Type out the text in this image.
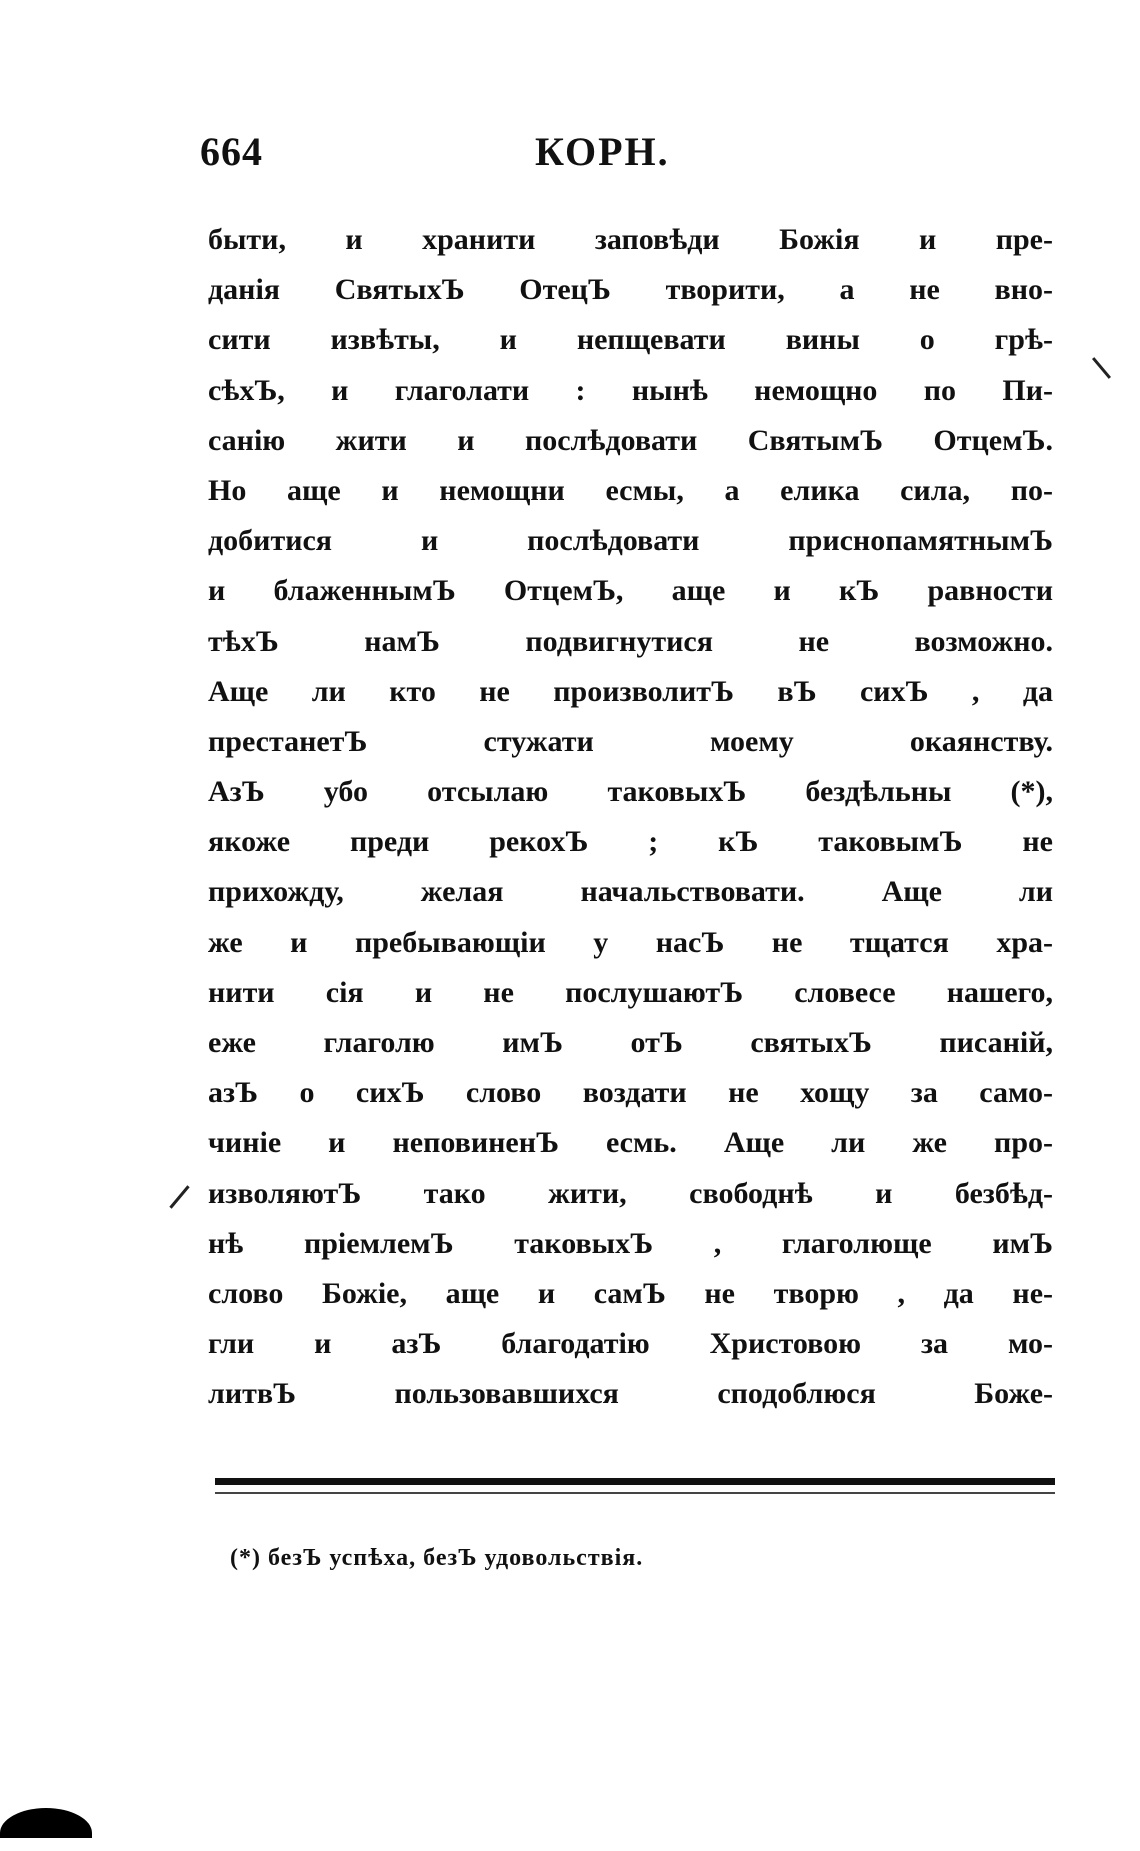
664	КОРН.
быти, и хранити заповѣди Божія и пре-
данія СвятыхЪ ОтецЪ творити, а не вно-
сити извѣты, и непщевати вины о грѣ-
сѣхЪ, и глаголати : нынѣ немощно по Пи-
санію жити и послѣдовати СвятымЪ ОтцемЪ.
Но аще и немощни есмы, а елика сила, по-
добитися и послѣдовати приснопамятнымЪ
и блаженнымЪ ОтцемЪ, аще и кЪ равности
тѣхЪ намЪ подвигнутися не возможно.
Аще ли кто не произволитЪ вЪ сихЪ , да
престанетЪ стужати моему окаянству.
АзЪ убо отсылаю таковыхЪ бездѣльны (*),
якоже преди рекохЪ ; кЪ таковымЪ не
прихожду, желая начальствовати. Аще ли
же и пребывающіи у насЪ не тщатся хра-
нити сія и не послушаютЪ словесе нашего,
еже глаголю имЪ отЪ святыхЪ писаній,
азЪ о сихЪ слово воздати не хощу за само-
чиніе и неповиненЪ есмь. Аще ли же про-
изволяютЪ тако жити, свободнѣ и безбѣд-
нѣ пріемлемЪ таковыхЪ , глаголюще имЪ
слово Божіе, аще и самЪ не творю , да не-
гли и азЪ благодатію Христовою за мо-
литвЪ пользовавшихся сподоблюся Боже-
(*) безЪ успѣха, безЪ удовольствія.
